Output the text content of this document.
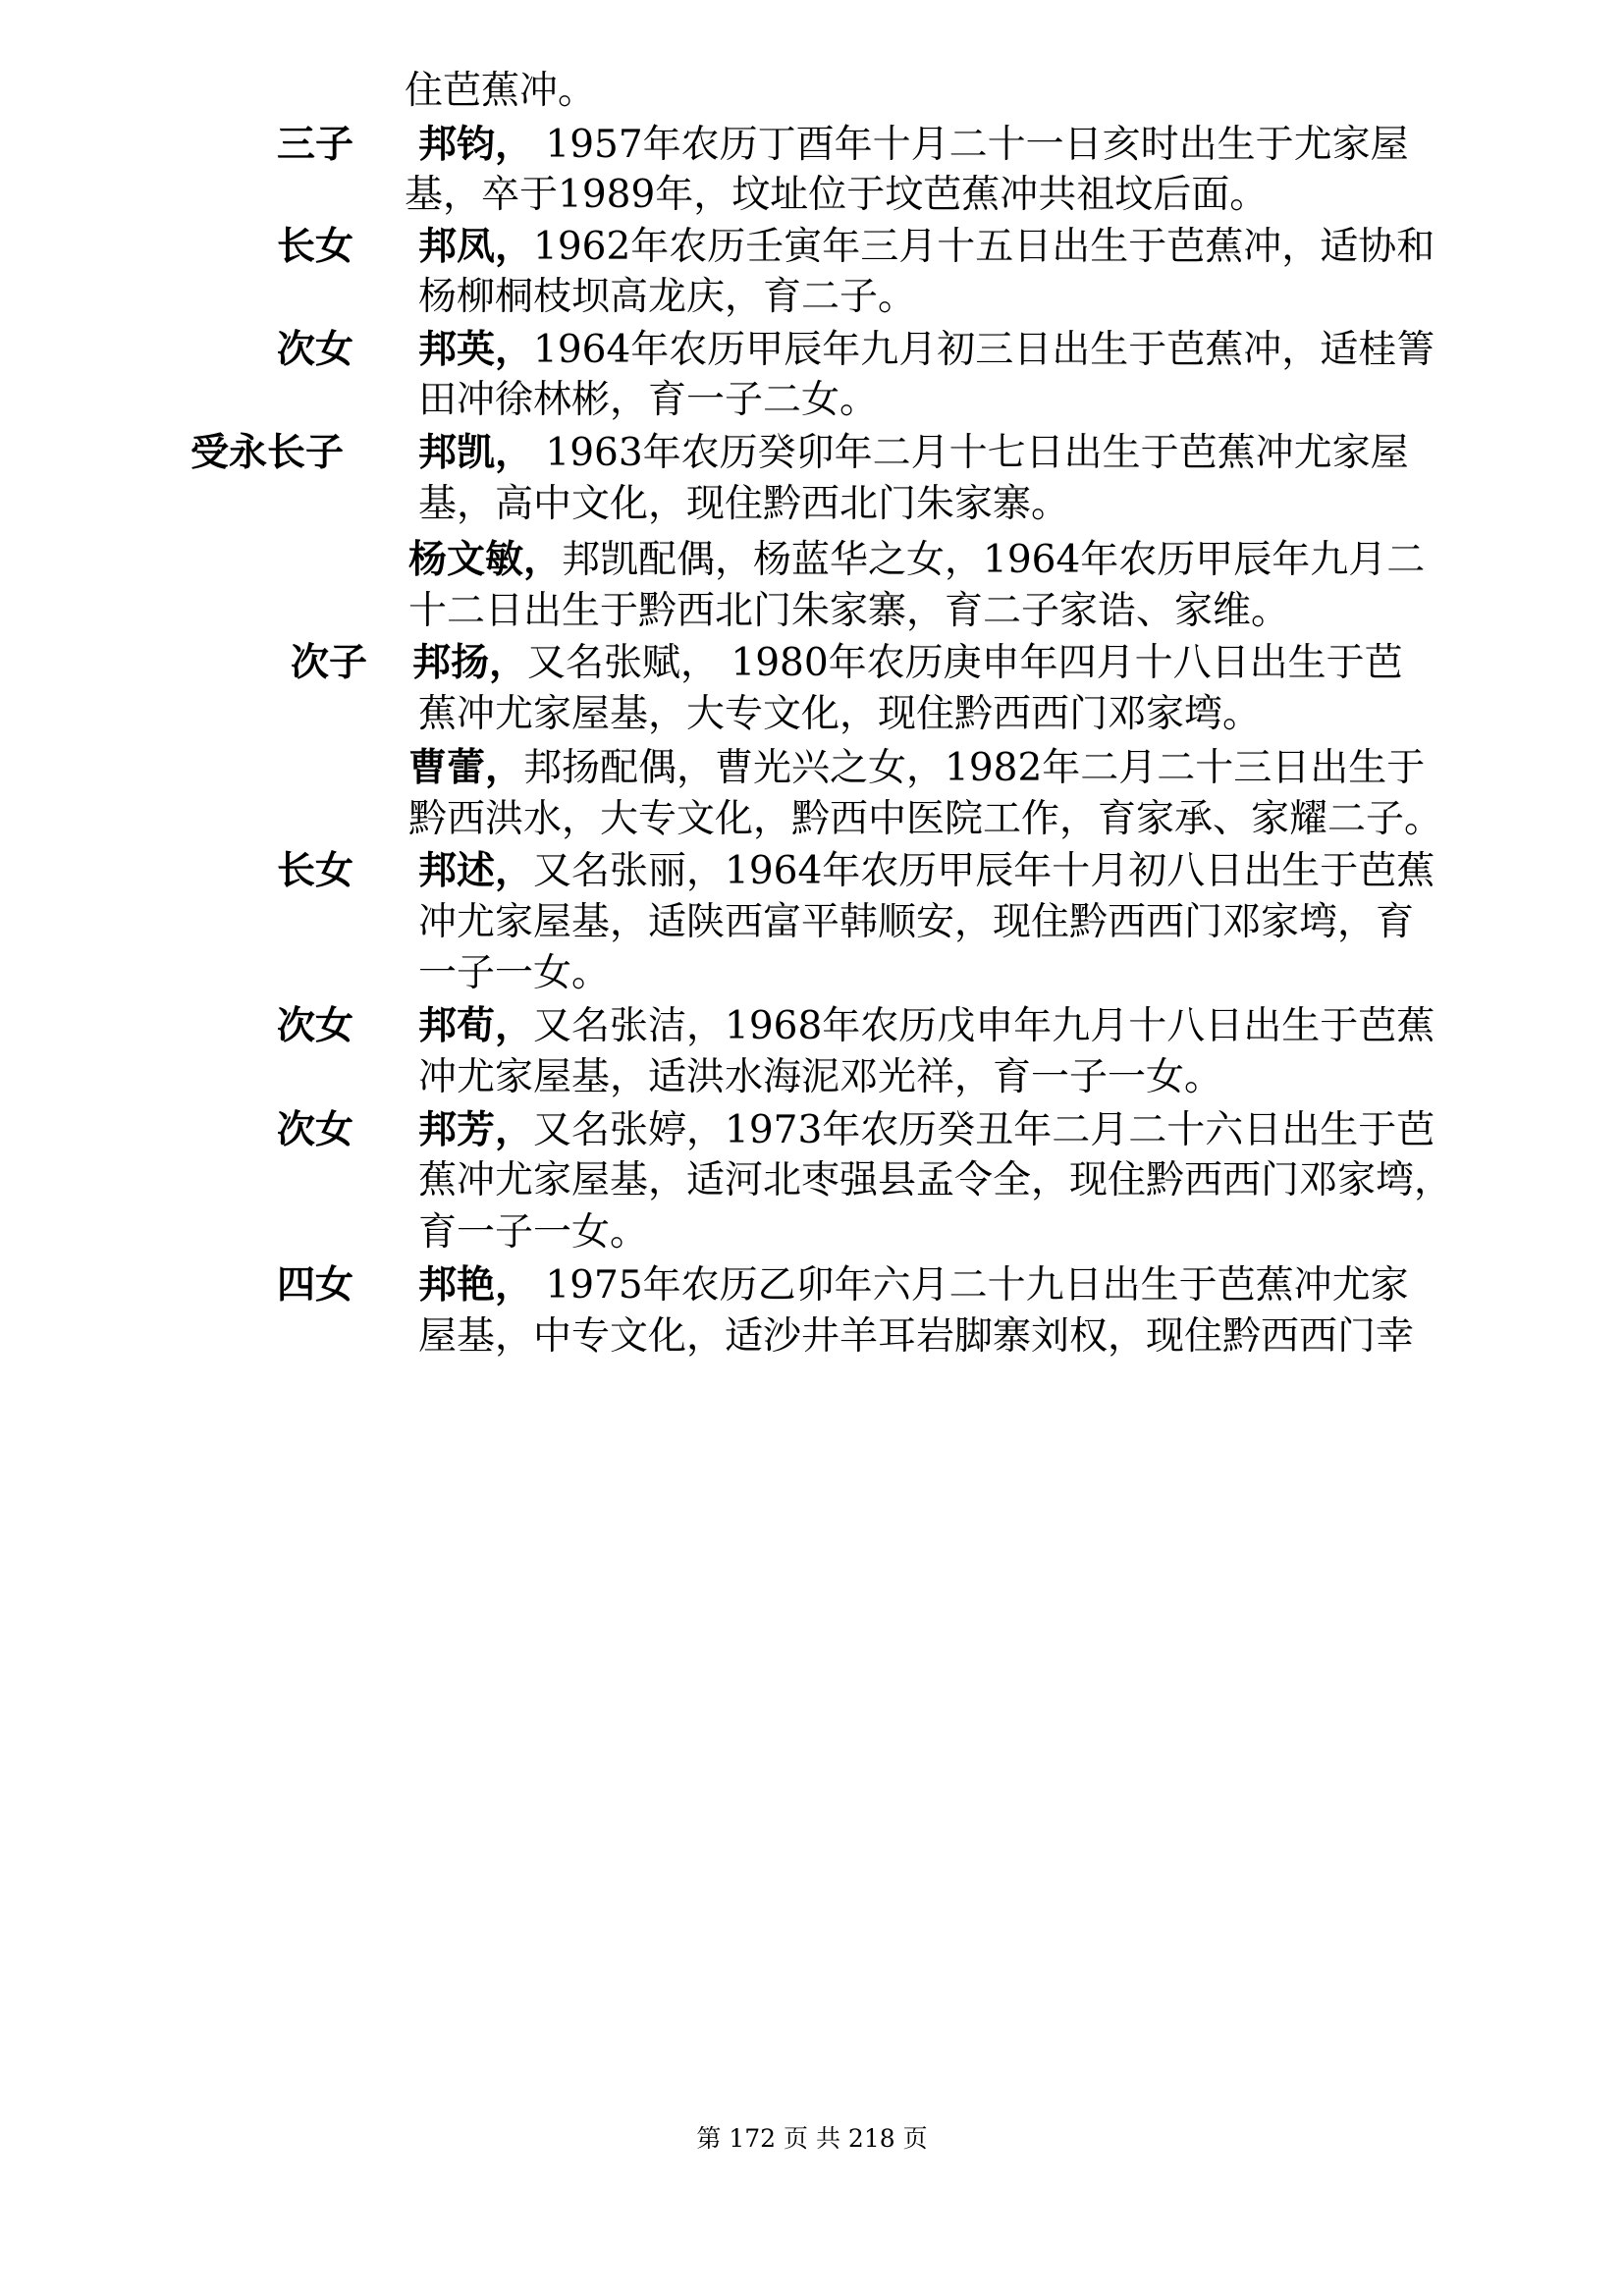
住芭蕉冲。
三子 邦钧， 1957年农历丁酉年十月二十一日亥时出生于尤家屋
基，卒于1989年，坟址位于坟芭蕉冲共祖坟后面。
长女 邦凤，1962年农历壬寅年三月十五日出生于芭蕉冲，适协和
杨柳桐枝坝高龙庆，育二子。
次女 邦英，1964年农历甲辰年九月初三日出生于芭蕉冲，适桂箐
田冲徐林彬，育一子二女。
受永长子 邦凯， 1963年农历癸卯年二月十七日出生于芭蕉冲尤家屋
基，高中文化，现住黔西北门朱家寨。
杨文敏，邦凯配偶，杨蓝华之女，1964年农历甲辰年九月二
十二日出生于黔西北门朱家寨，育二子家诰、家维。
次子 邦扬，又名张赋， 1980年农历庚申年四月十八日出生于芭
蕉冲尤家屋基，大专文化，现住黔西西门邓家塆。
曹蕾，邦扬配偶，曹光兴之女，1982年二月二十三日出生于
黔西洪水，大专文化，黔西中医院工作，育家承、家耀二子。
长女 邦述，又名张丽，1964年农历甲辰年十月初八日出生于芭蕉
冲尤家屋基，适陕西富平韩顺安，现住黔西西门邓家塆，育
一子一女。
次女 邦荀，又名张洁，1968年农历戊申年九月十八日出生于芭蕉
冲尤家屋基，适洪水海泥邓光祥，育一子一女。
次女 邦芳，又名张婷，1973年农历癸丑年二月二十六日出生于芭
蕉冲尤家屋基，适河北枣强县孟令全，现住黔西西门邓家塆，
育一子一女。
四女 邦艳， 1975年农历乙卯年六月二十九日出生于芭蕉冲尤家
屋基，中专文化，适沙井羊耳岩脚寨刘权，现住黔西西门幸
第 172 页 共 218 页
